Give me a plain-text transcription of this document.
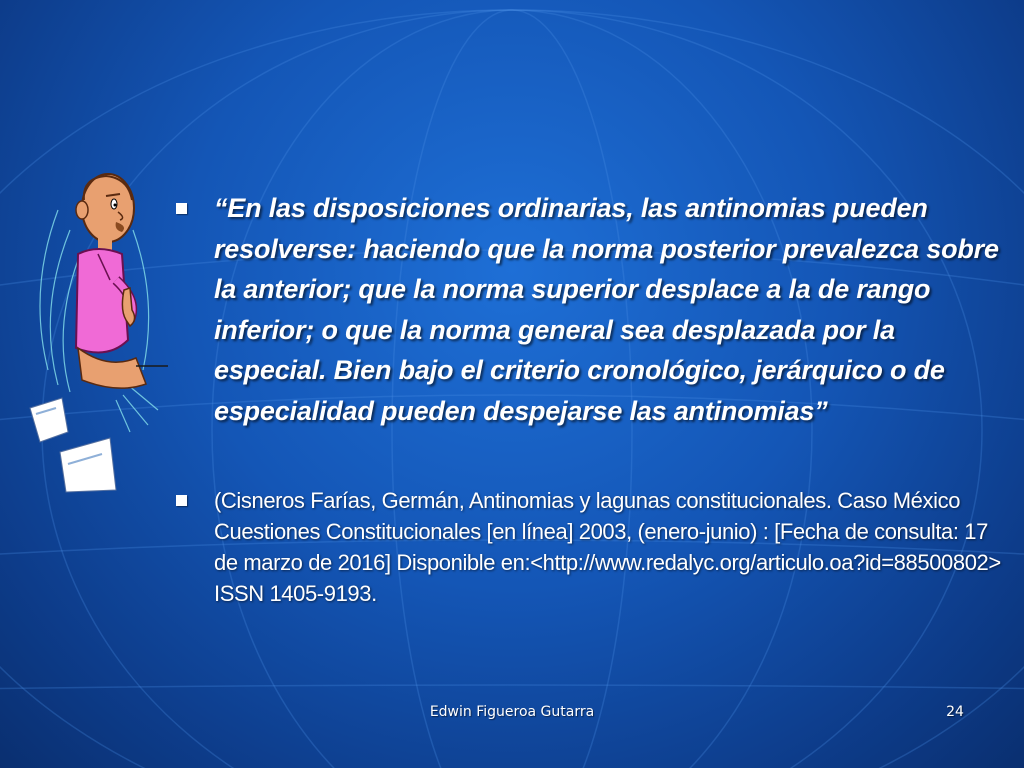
“En las disposiciones ordinarias, las antinomias pueden resolverse: haciendo que la norma posterior prevalezca sobre la anterior; que la norma superior desplace a la de rango inferior; o que la norma general sea desplazada por la especial. Bien bajo el criterio cronológico, jerárquico o de especialidad pueden despejarse las antinomias”

(Cisneros Farías, Germán, Antinomias y lagunas constitucionales. Caso México Cuestiones Constitucionales [en línea] 2003, (enero-junio) : [Fecha de consulta: 17 de marzo de 2016] Disponible en:<http://www.redalyc.org/articulo.oa?id=88500802> ISSN 1405-9193.

Edwin Figueroa Gutarra	24
